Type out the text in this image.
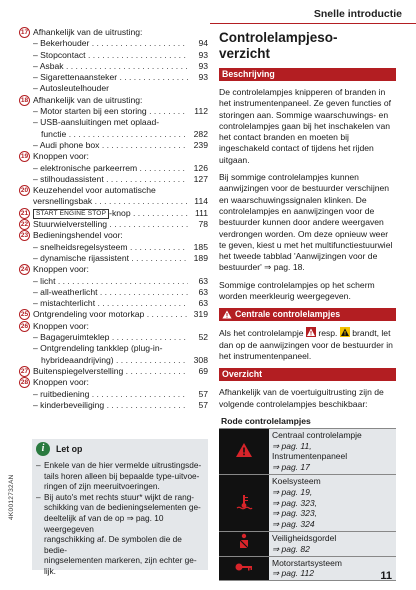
Snelle introductie
17 Afhankelijk van de uitrusting:
– Bekerhouder . . .	94
– Stopcontact . . .	93
– Asbak . . .	93
– Sigarettenaansteker . . .	93
– Autosleutelhouder
18 Afhankelijk van de uitrusting:
– Motor starten bij een storing . . .	112
– USB-aansluitingen met oplaad-
functie . . .	282
– Audi phone box . . .	239
19 Knoppen voor:
– elektronische parkeerrem . . .	126
– stilhoudassistent . . .	127
20 Keuzehendel voor automatische
versnellingsbak . . .	114
21	START ENGINE STOP -knop . . .	111
22 Stuurwielverstelling . . .	78
23 Bedieningshendel voor:
– snelheidsregelsysteem . . .	185
– dynamische rijassistent . . .	189
24 Knoppen voor:
– licht . . .	63
– all-weatherlicht . . .	63
– mistachterlicht . . .	63
25 Ontgrendeling voor motorkap . . .	319
26 Knoppen voor:
– Bagageruimteklep . . .	52
– Ontgrendeling tankklep (plug-in-
hybrideaandrijving) . . .	308
27 Buitenspiegelverstelling . . .	69
28 Knoppen voor:
– ruitbediening . . .	57
– kinderbeveiliging . . .	57
i	Let op
– Enkele van de hier vermelde uitrustingsde-
tails horen alleen bij bepaalde type-uitvoe-
ringen of zijn meeruitvoeringen.
– Bij auto's met rechts stuur* wijkt de rang-
schikking van de bedieningselementen ge-
deeltelijk af van de op ⇒ pag. 10 weergegeven
rangschikking af. De symbolen die de bedie-
ningselementen markeren, zijn echter ge-
lijk.
4K0012732AN
Controlelampjeso-
verzicht
Beschrijving
De controlelampjes knipperen of branden in het instrumentenpaneel. Ze geven functies of storingen aan. Sommige waarschuwings- en controlelampjes gaan bij het inschakelen van het contact branden en moeten bij ingeschakeld contact of tijdens het rijden uitgaan.
Bij sommige controlelampjes kunnen aanwijzingen voor de bestuurder verschijnen en waarschuwingssignalen klinken. De controlelampjes en aanwijzingen voor de bestuurder kunnen door andere weergaven verdrongen worden. Om deze opnieuw weer te geven, kiest u met het multifunctiestuurwiel het tweede tabblad 'Aanwijzingen voor de bestuurder' ⇒ pag. 18.
Sommige controlelampjes op het scherm worden meerkleurig weergegeven.
Centrale controlelampjes
Als het controlelampje resp. brandt, let dan op de aanwijzingen voor de bestuurder in het instrumentenpaneel.
Overzicht
Afhankelijk van de voertuiguitrusting zijn de volgende controlelampjes beschikbaar:
Rode controlelampjes	

Centraal controlelampje
⇒ pag. 11,
Instrumentenpaneel
⇒ pag. 17

Koelsysteem
⇒ pag. 19,
⇒ pag. 323,
⇒ pag. 323,
⇒ pag. 324

Veiligheidsgordel
⇒ pag. 82

Motorstartsysteem
⇒ pag. 112	11
